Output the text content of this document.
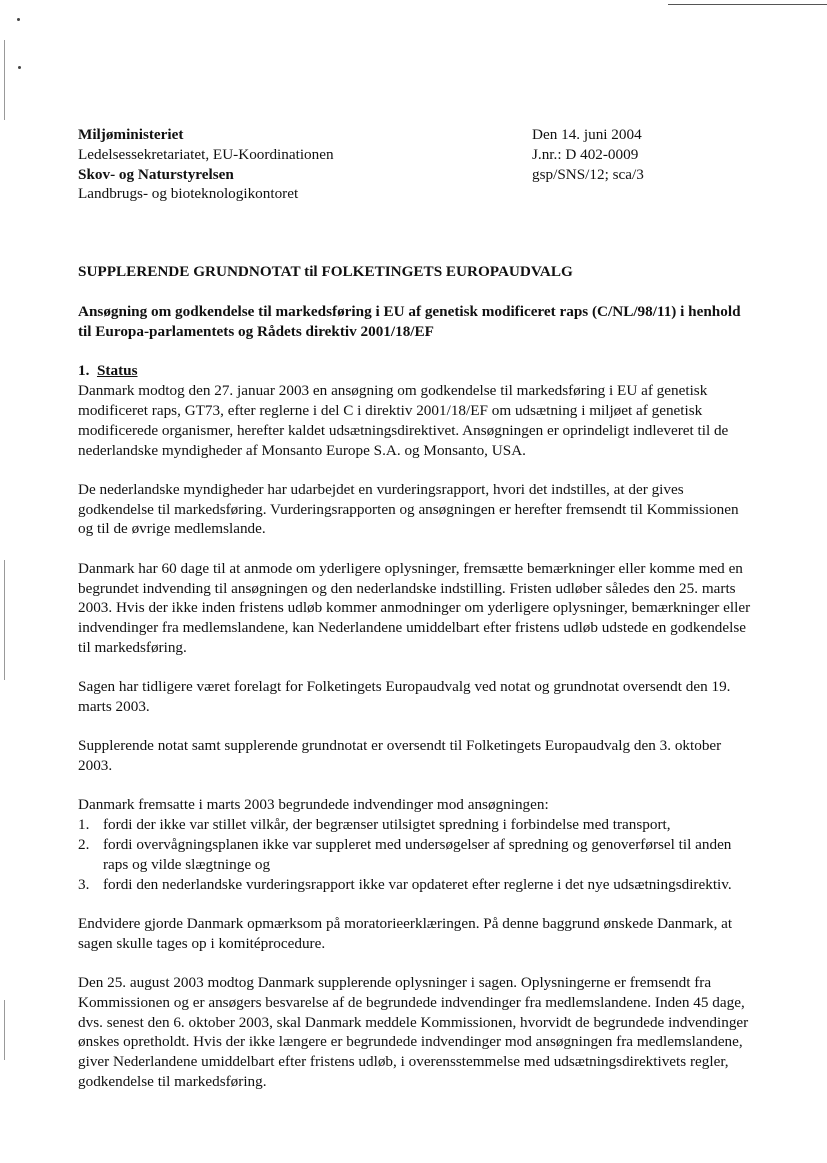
Miljøministeriet
Ledelsessekretariatet, EU-Koordinationen
Skov- og Naturstyrelsen
Landbrugs- og bioteknologikontoret
Den 14. juni 2004
J.nr.: D 402-0009
gsp/SNS/12; sca/3

SUPPLERENDE GRUNDNOTAT til FOLKETINGETS EUROPAUDVALG

Ansøgning om godkendelse til markedsføring i EU af genetisk modificeret raps (C/NL/98/11) i henhold til Europa-parlamentets og Rådets direktiv 2001/18/EF

1. Status

Danmark modtog den 27. januar 2003 en ansøgning om godkendelse til markedsføring i EU af genetisk modificeret raps, GT73, efter reglerne i del C i direktiv 2001/18/EF om udsætning i miljøet af genetisk modificerede organismer, herefter kaldet udsætningsdirektivet. Ansøgningen er oprindeligt indleveret til de nederlandske myndigheder af Monsanto Europe S.A. og Monsanto, USA.

De nederlandske myndigheder har udarbejdet en vurderingsrapport, hvori det indstilles, at der gives godkendelse til markedsføring. Vurderingsrapporten og ansøgningen er herefter fremsendt til Kommissionen og til de øvrige medlemslande.

Danmark har 60 dage til at anmode om yderligere oplysninger, fremsætte bemærkninger eller komme med en begrundet indvending til ansøgningen og den nederlandske indstilling. Fristen udløber således den 25. marts 2003. Hvis der ikke inden fristens udløb kommer anmodninger om yderligere oplysninger, bemærkninger eller indvendinger fra medlemslandene, kan Nederlandene umiddelbart efter fristens udløb udstede en godkendelse til markedsføring.

Sagen har tidligere været forelagt for Folketingets Europaudvalg ved notat og grundnotat oversendt den 19. marts 2003.

Supplerende notat samt supplerende grundnotat er oversendt til Folketingets Europaudvalg den 3. oktober 2003.

Danmark fremsatte i marts 2003 begrundede indvendinger mod ansøgningen:

1. fordi der ikke var stillet vilkår, der begrænser utilsigtet spredning i forbindelse med transport,
2. fordi overvågningsplanen ikke var suppleret med undersøgelser af spredning og genoverførsel til anden raps og vilde slægtninge og
3. fordi den nederlandske vurderingsrapport ikke var opdateret efter reglerne i det nye udsætningsdirektiv.

Endvidere gjorde Danmark opmærksom på moratorieerklæringen. På denne baggrund ønskede Danmark, at sagen skulle tages op i komitéprocedure.

Den 25. august 2003 modtog Danmark supplerende oplysninger i sagen. Oplysningerne er fremsendt fra Kommissionen og er ansøgers besvarelse af de begrundede indvendinger fra medlemslandene. Inden 45 dage, dvs. senest den 6. oktober 2003, skal Danmark meddele Kommissionen, hvorvidt de begrundede indvendinger ønskes opretholdt. Hvis der ikke længere er begrundede indvendinger mod ansøgningen fra medlemslandene, giver Nederlandene umiddelbart efter fristens udløb, i overensstemmelse med udsætningsdirektivets regler, godkendelse til markedsføring.
